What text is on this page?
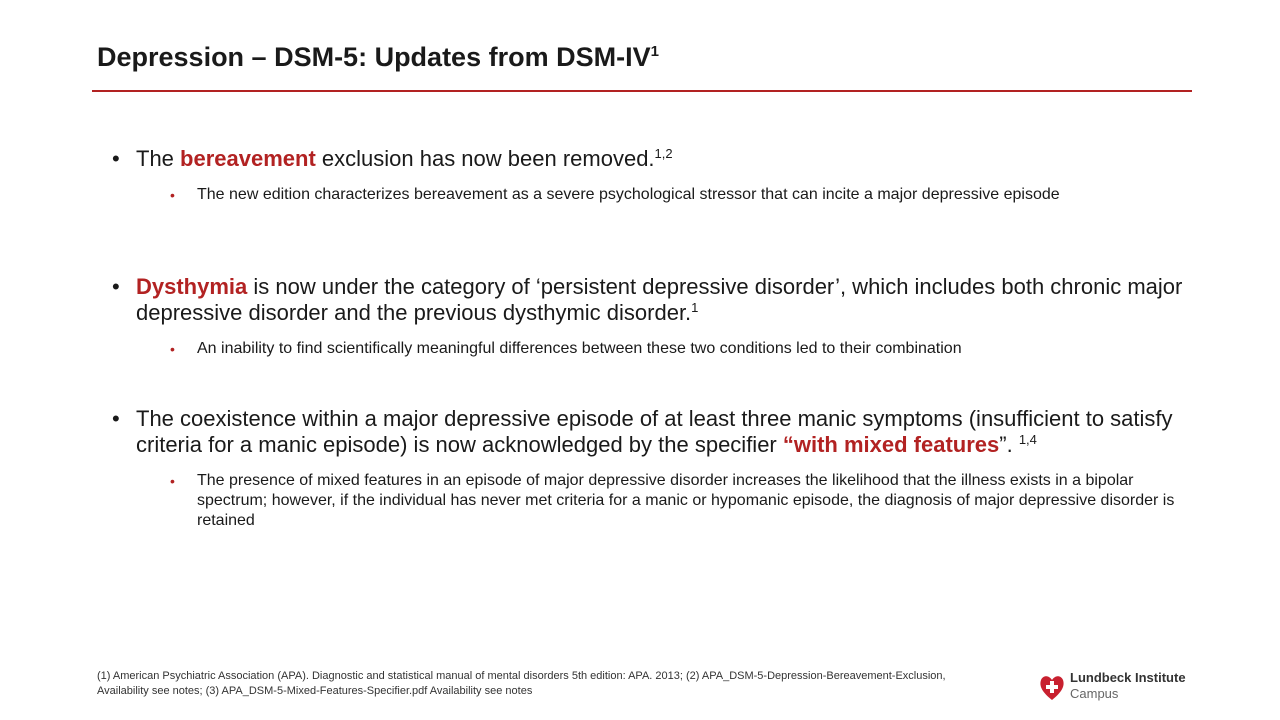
Depression – DSM-5: Updates from DSM-$IV^1$
• The bereavement exclusion has now been removed.$^{1,2}$
• The new edition characterizes bereavement as a severe psychological stressor that can incite a major depressive episode
• Dysthymia is now under the category of ‘persistent depressive disorder’, which includes both chronic major depressive disorder and the previous dysthymic disorder.$^1$
• An inability to find scientifically meaningful differences between these two conditions led to their combination
• The coexistence within a major depressive episode of at least three manic symptoms (insufficient to satisfy criteria for a manic episode) is now acknowledged by the specifier “with mixed features”. $^{1,4}$
• The presence of mixed features in an episode of major depressive disorder increases the likelihood that the illness exists in a bipolar spectrum; however, if the individual has never met criteria for a manic or hypomanic episode, the diagnosis of major depressive disorder is retained
(1) American Psychiatric Association (APA). Diagnostic and statistical manual of mental disorders 5th edition: APA. 2013; (2) APA_DSM-5-Depression-Bereavement-Exclusion, Availability see notes; (3) APA_DSM-5-Mixed-Features-Specifier.pdf Availability see notes
Lundbeck Institute
Campus
